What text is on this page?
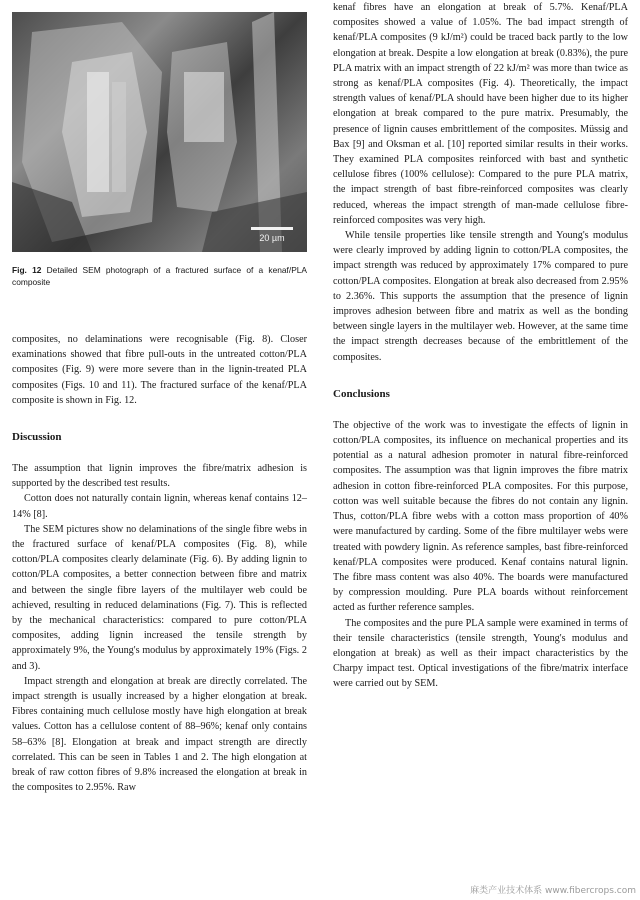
20 µm

Fig. 12 Detailed SEM photograph of a fractured surface of a kenaf/PLA composite

composites, no delaminations were recognisable (Fig. 8). Closer examinations showed that fibre pull-outs in the untreated cotton/PLA composites (Fig. 9) were more severe than in the lignin-treated PLA composites (Figs. 10 and 11). The fractured surface of the kenaf/PLA composite is shown in Fig. 12.

Discussion

The assumption that lignin improves the fibre/matrix adhesion is supported by the described test results.

Cotton does not naturally contain lignin, whereas kenaf contains 12–14% [8].

The SEM pictures show no delaminations of the single fibre webs in the fractured surface of kenaf/PLA composites (Fig. 8), while cotton/PLA composites clearly delaminate (Fig. 6). By adding lignin to cotton/PLA composites, a better connection between fibre and matrix and between the single fibre layers of the multilayer web could be achieved, resulting in reduced delaminations (Fig. 7). This is reflected by the mechanical characteristics: compared to pure cotton/PLA composites, adding lignin increased the tensile strength by approximately 9%, the Young's modulus by approximately 19% (Figs. 2 and 3).

Impact strength and elongation at break are directly correlated. The impact strength is usually increased by a higher elongation at break. Fibres containing much cellulose mostly have high elongation at break values. Cotton has a cellulose content of 88–96%; kenaf only contains 58–63% [8]. Elongation at break and impact strength are directly correlated. This can be seen in Tables 1 and 2. The high elongation at break of raw cotton fibres of 9.8% increased the elongation at break in the composites to 2.95%. Raw

kenaf fibres have an elongation at break of 5.7%. Kenaf/PLA composites showed a value of 1.05%. The bad impact strength of kenaf/PLA composites (9 kJ/m²) could be traced back partly to the low elongation at break. Despite a low elongation at break (0.83%), the pure PLA matrix with an impact strength of 22 kJ/m² was more than twice as strong as kenaf/PLA composites (Fig. 4). Theoretically, the impact strength values of kenaf/PLA should have been higher due to its higher elongation at break compared to the pure matrix. Presumably, the presence of lignin causes embrittlement of the composites. Müssig and Bax [9] and Oksman et al. [10] reported similar results in their works. They examined PLA composites reinforced with bast and synthetic cellulose fibres (100% cellulose): Compared to the pure PLA matrix, the impact strength of bast fibre-reinforced composites was clearly reduced, whereas the impact strength of man-made cellulose fibre-reinforced composites was very high.

While tensile properties like tensile strength and Young's modulus were clearly improved by adding lignin to cotton/PLA composites, the impact strength was reduced by approximately 17% compared to pure cotton/PLA composites. Elongation at break also decreased from 2.95% to 2.36%. This supports the assumption that the presence of lignin improves adhesion between fibre and matrix as well as the bonding between single layers in the multilayer web. However, at the same time the impact strength decreases because of the embrittlement of the composites.

Conclusions

The objective of the work was to investigate the effects of lignin in cotton/PLA composites, its influence on mechanical properties and its potential as a natural adhesion promoter in natural fibre-reinforced composites. The assumption was that lignin improves the fibre matrix adhesion in cotton fibre-reinforced PLA composites. For this purpose, cotton was well suitable because the fibres do not contain any lignin. Thus, cotton/PLA fibre webs with a cotton mass proportion of 40% were manufactured by carding. Some of the fibre multilayer webs were treated with powdery lignin. As reference samples, bast fibre-reinforced kenaf/PLA composites were produced. Kenaf contains natural lignin. The fibre mass content was also 40%. The boards were manufactured by compression moulding. Pure PLA boards without reinforcement acted as further reference samples.

The composites and the pure PLA sample were examined in terms of their tensile characteristics (tensile strength, Young's modulus and elongation at break) as well as their impact characteristics by the Charpy impact test. Optical investigations of the fibre/matrix interface were carried out by SEM.

麻类产业技术体系 www.fibercrops.com
